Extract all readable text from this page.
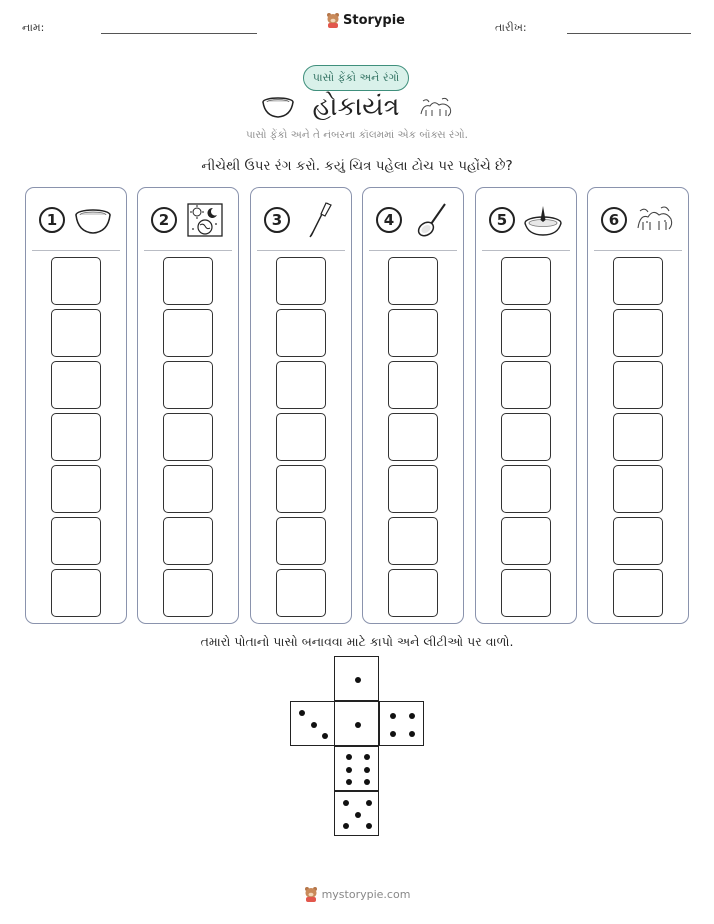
નામ:	Storypie	તારીખ:
પાસો ફેંકો અને રંગો
હોકાયંત્ર
પાસો ફેંકો અને તે નંબરના કૉલમમાં એક બૉક્સ રંગો.
નીચેથી ઉપર રંગ કરો. કયું ચિત્ર પહેલા ટોચ પર પહોંચે છે?
1	2	3	4	5	6
તમારો પોતાનો પાસો બનાવવા માટે કાપો અને લીટીઓ પર વાળો.
mystorypie.com
